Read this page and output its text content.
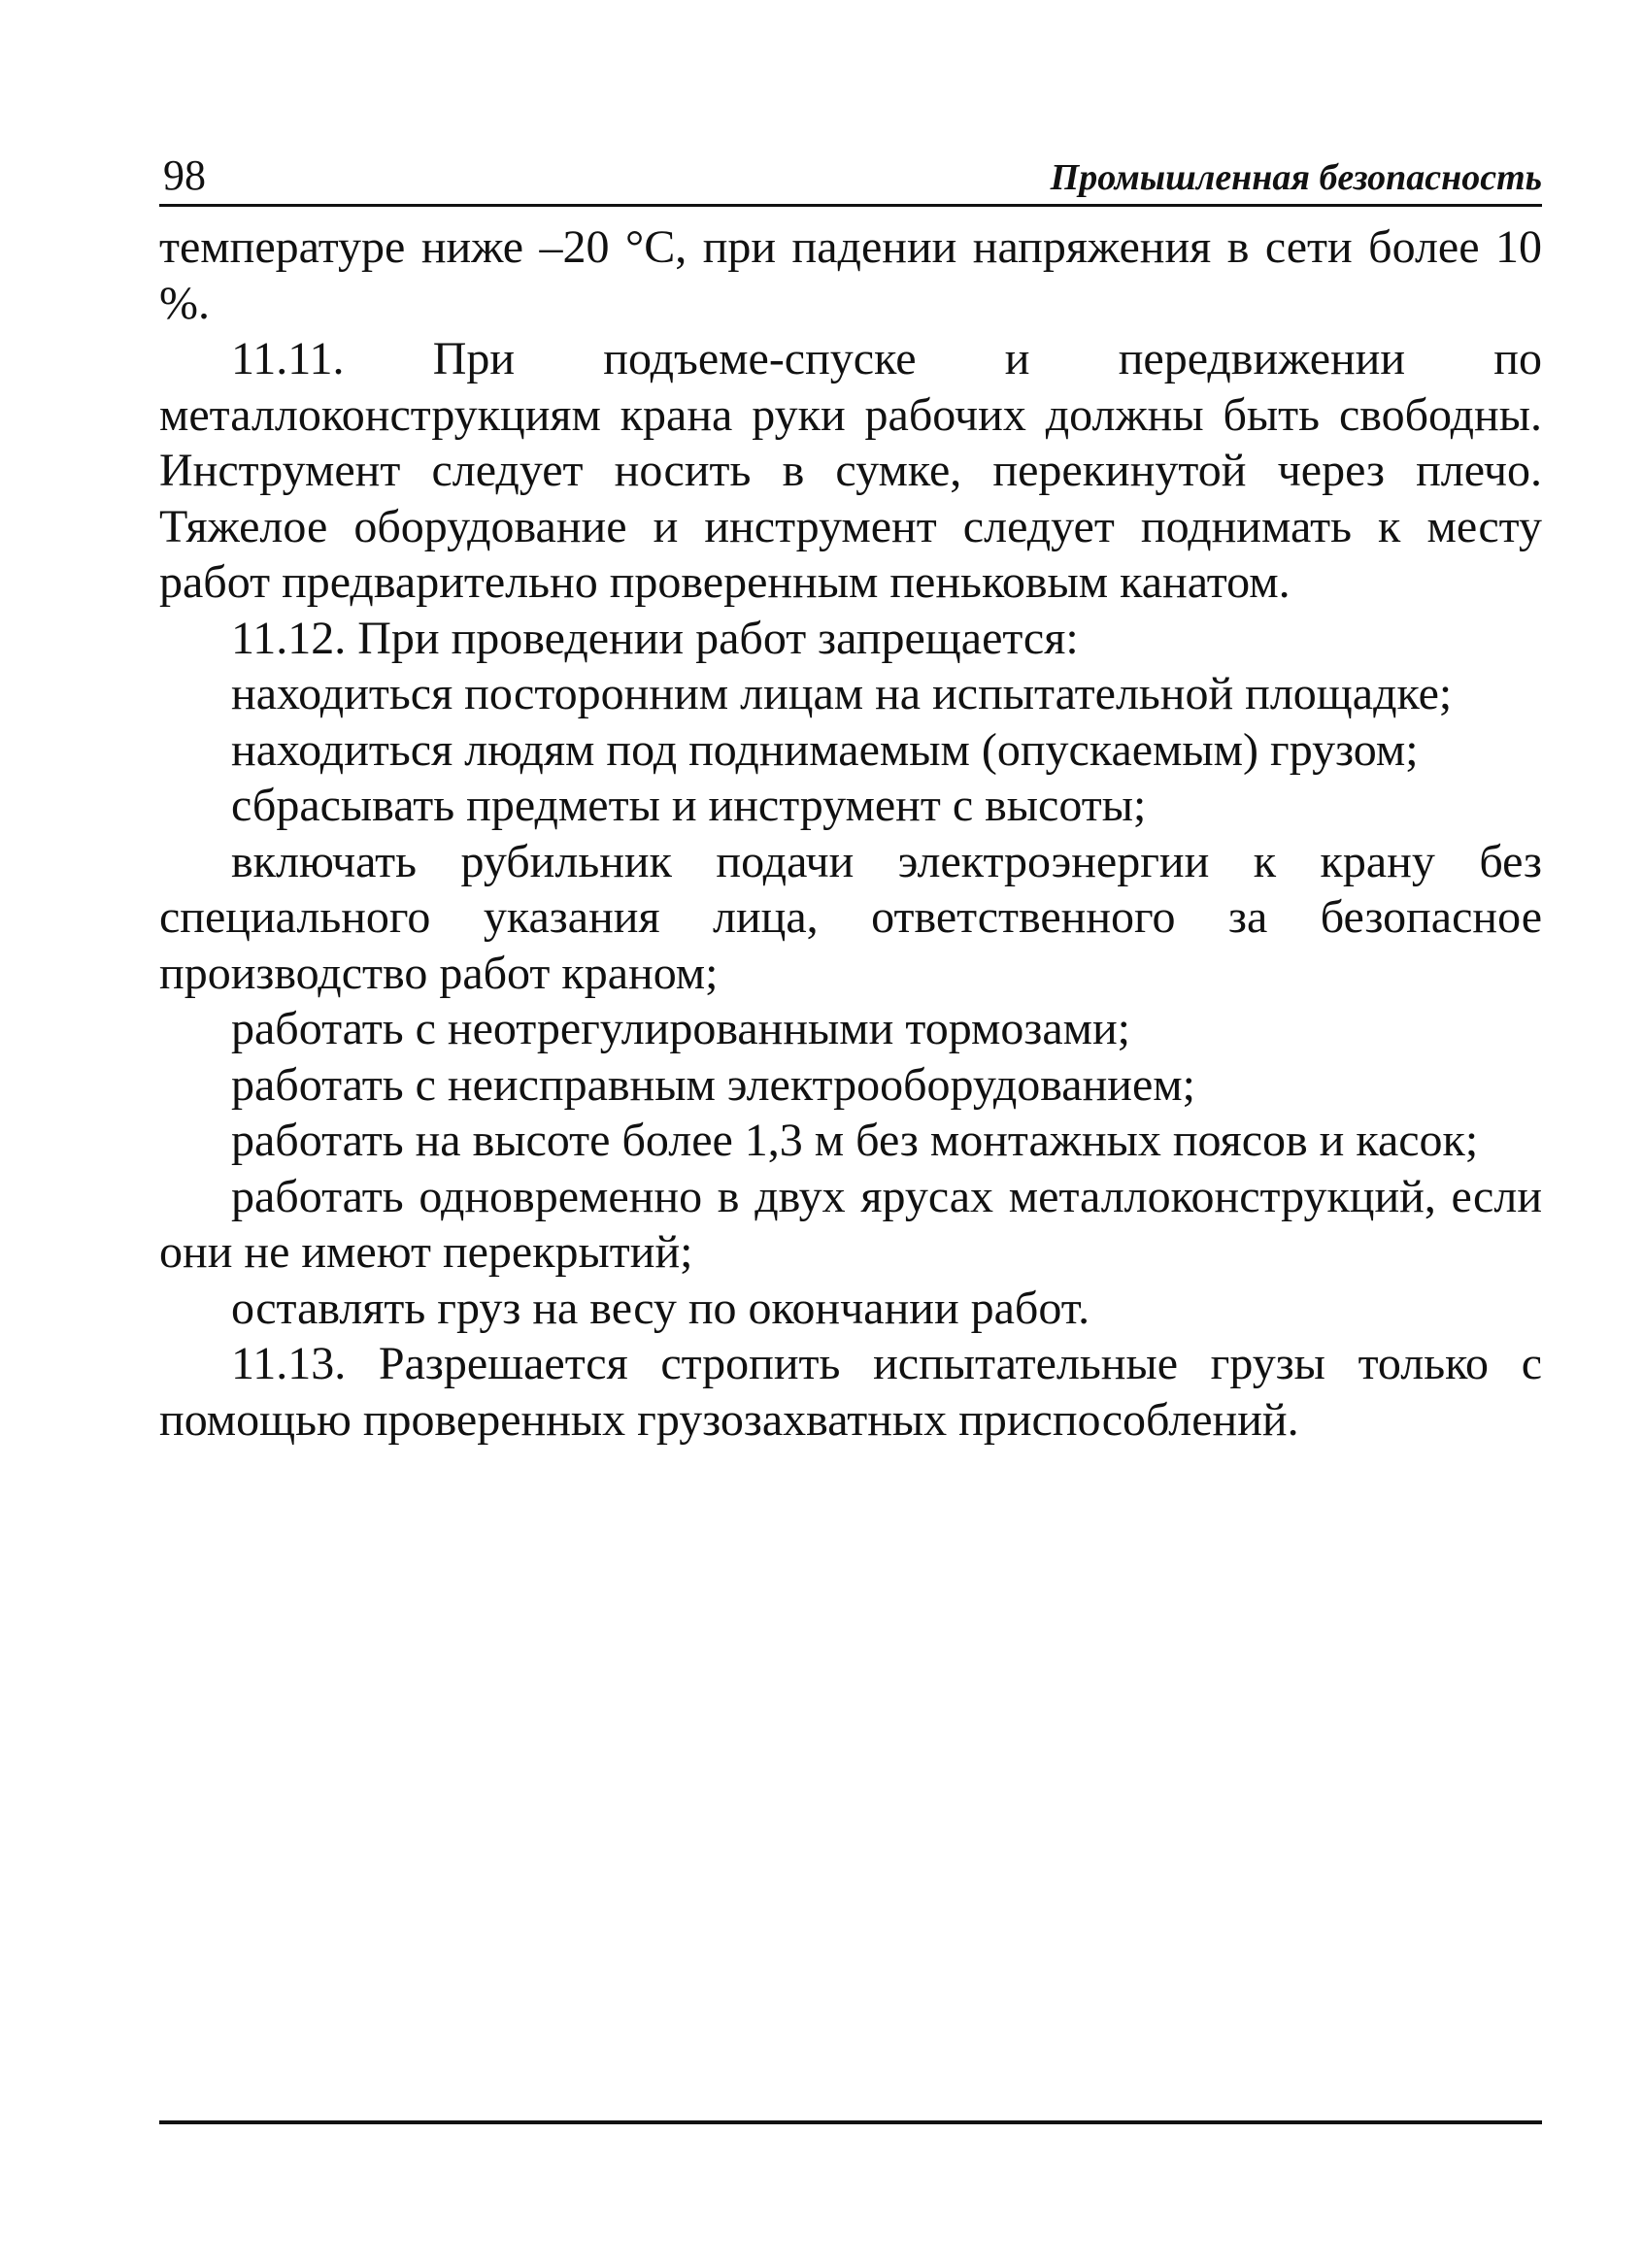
98	Промышленная безопасность

температуре ниже –20 °С, при падении напряжения в сети более 10 %.

11.11. При подъеме-спуске и передвижении по металлоконструкциям крана руки рабочих должны быть свободны. Инструмент следует носить в сумке, перекинутой через плечо. Тяжелое оборудование и инструмент следует поднимать к месту работ предварительно проверенным пеньковым канатом.

11.12. При проведении работ запрещается:

находиться посторонним лицам на испытательной площадке;

находиться людям под поднимаемым (опускаемым) грузом;

сбрасывать предметы и инструмент с высоты;

включать рубильник подачи электроэнергии к крану без специального указания лица, ответственного за безопасное производство работ краном;

работать с неотрегулированными тормозами;

работать с неисправным электрооборудованием;

работать на высоте более 1,3 м без монтажных поясов и касок;

работать одновременно в двух ярусах металлоконструкций, если они не имеют перекрытий;

оставлять груз на весу по окончании работ.

11.13. Разрешается стропить испытательные грузы только с помощью проверенных грузозахватных приспособлений.
